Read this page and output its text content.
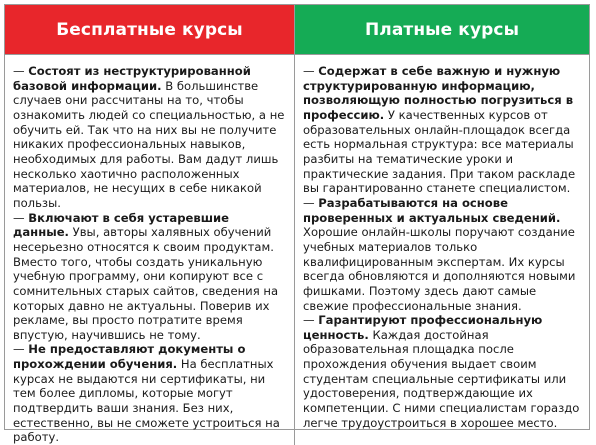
Бесплатные курсы	Платные курсы

— Состоят из неструктурированной базовой информации. В большинстве случаев они рассчитаны на то, чтобы ознакомить людей со специальностью, а не обучить ей. Так что на них вы не получите никаких профессиональных навыков, необходимых для работы. Вам дадут лишь несколько хаотично расположенных материалов, не несущих в себе никакой пользы.

— Включают в себя устаревшие данные. Увы, авторы халявных обучений несерьезно относятся к своим продуктам. Вместо того, чтобы создать уникальную учебную программу, они копируют все с сомнительных старых сайтов, сведения на которых давно не актуальны. Поверив их рекламе, вы просто потратите время впустую, научившись не тому.

— Не предоставляют документы о прохождении обучения. На бесплатных курсах не выдаются ни сертификаты, ни тем более дипломы, которые могут подтвердить ваши знания. Без них, естественно, вы не сможете устроиться на работу.

— Содержат в себе важную и нужную структурированную информацию, позволяющую полностью погрузиться в профессию. У качественных курсов от образовательных онлайн-площадок всегда есть нормальная структура: все материалы разбиты на тематические уроки и практические задания. При таком раскладе вы гарантированно станете специалистом.

— Разрабатываются на основе проверенных и актуальных сведений. Хорошие онлайн-школы поручают создание учебных материалов только квалифицированным экспертам. Их курсы всегда обновляются и дополняются новыми фишками. Поэтому здесь дают самые свежие профессиональные знания.

— Гарантируют профессиональную ценность. Каждая достойная образовательная площадка после прохождения обучения выдает своим студентам специальные сертификаты или удостоверения, подтверждающие их компетенции. С ними специалистам гораздо легче трудоустроиться в хорошее место.
